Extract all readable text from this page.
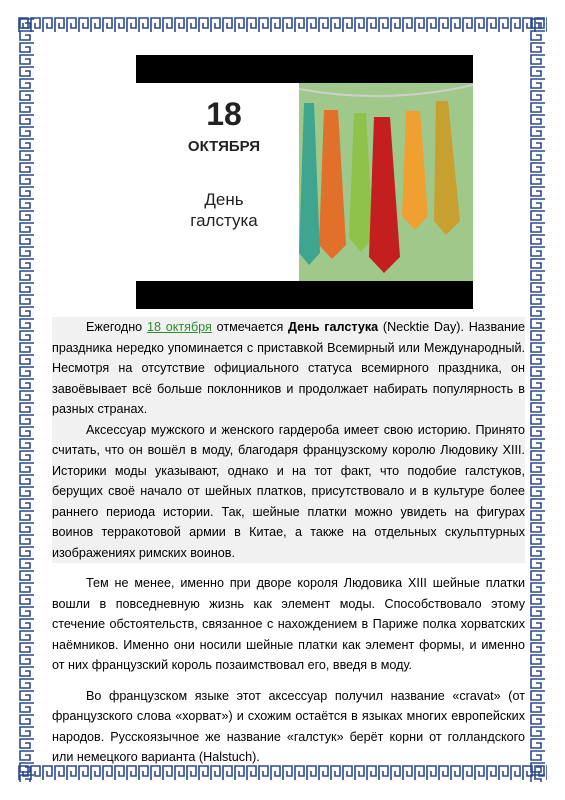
18
ОКТЯБРЯ
День
галстука

Ежегодно 18 октября отмечается День галстука (Necktie Day). Название праздника нередко упоминается с приставкой Всемирный или Международный. Несмотря на отсутствие официального статуса всемирного праздника, он завоёвывает всё больше поклонников и продолжает набирать популярность в разных странах.

Аксессуар мужского и женского гардероба имеет свою историю. Принято считать, что он вошёл в моду, благодаря французскому королю Людовику XIII. Историки моды указывают, однако и на тот факт, что подобие галстуков, берущих своё начало от шейных платков, присутствовало и в культуре более раннего периода истории. Так, шейные платки можно увидеть на фигурах воинов терракотовой армии в Китае, а также на отдельных скульптурных изображениях римских воинов.

Тем не менее, именно при дворе короля Людовика XIII шейные платки вошли в повседневную жизнь как элемент моды. Способствовало этому стечение обстоятельств, связанное с нахождением в Париже полка хорватских наёмников. Именно они носили шейные платки как элемент формы, и именно от них французский король позаимствовал его, введя в моду.

Во французском языке этот аксессуар получил название «cravat» (от французского слова «хорват») и схожим остаётся в языках многих европейских народов. Русскоязычное же название «галстук» берёт корни от голландского или немецкого варианта (Halstuch).
